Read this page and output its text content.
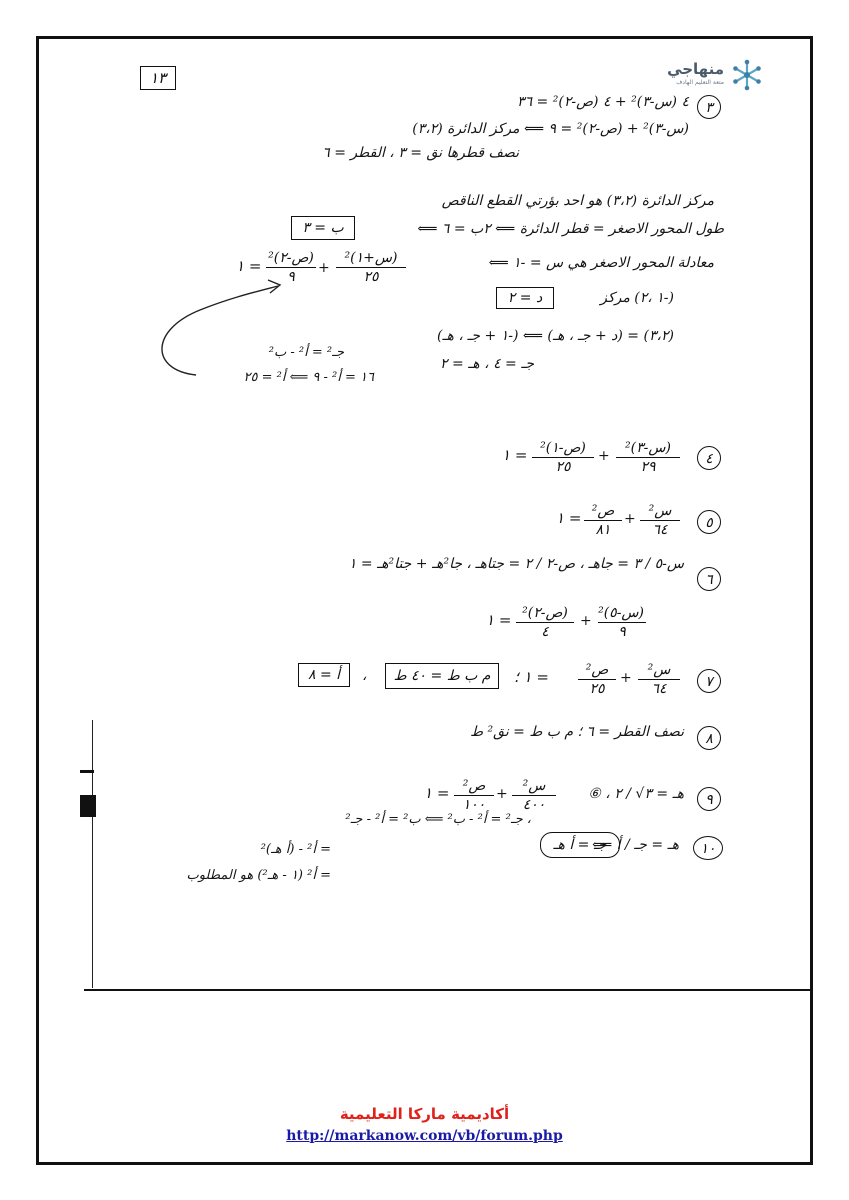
١٣	منهاجي
متعة التعليم الهادف
٣
٤ (س-٣)² + ٤ (ص-٢)² = ٣٦
(س-٣)² + (ص-٢)² = ٩ ⟸ مركز الدائرة (٣،٢)
نصف قطرها نق = ٣ ، القطر = ٦
مركز الدائرة (٣،٢) هو احد بؤرتي القطع الناقص
طول المحور الاصغر = قطر الدائرة ⟸ ٢ب = ٦ ⟸
ب = ٣
معادلة المحور الاصغر هي س = -١ ⟸
(س+١)²
٢٥
+
(ص-٢)²
٩
= ١
(-١ ،٢) مركز
د = ٢
(٣،٢) = (د + جـ ، هـ) ⟸ (-١ + جـ ، هـ)
جـ = ٤ ، هـ = ٢
جـ² = أ² - ب²
١٦ = أ² - ٩ ⟸ أ² = ٢٥
٤
(س-٣)²
٢٩
+
(ص-١)²
٢٥
= ١
٥
س²
٦٤
+
ص²
٨١
= ١
٦
س-٥ / ٣ = جاهـ ، ص-٢ / ٢ = جتاهـ ، جا²هـ + جتا²هـ = ١
(س-٥)²
٩
+
(ص-٢)²
٤
= ١
٧
س²
٦٤
+
ص²
٢٥
= ١ ؛
م ب ط = ٤٠ ط
،
أ = ٨
٨
نصف القطر = ٦ ؛ م ب ط = نق² ط
٩
هـ = ٣√ / ٢ ، ⑥
س²
٤٠٠
+
ص²
١٠٠
= ١
١٠
هـ = جـ / أ ⟸
جـ = أ هـ
، جـ² = أ² - ب² ⟸ ب² = أ² - جـ²
= أ² - (أ هـ)²
= أ² (١ - هـ²) هو المطلوب
أكاديمية ماركا التعليمية
http://markanow.com/vb/forum.php
